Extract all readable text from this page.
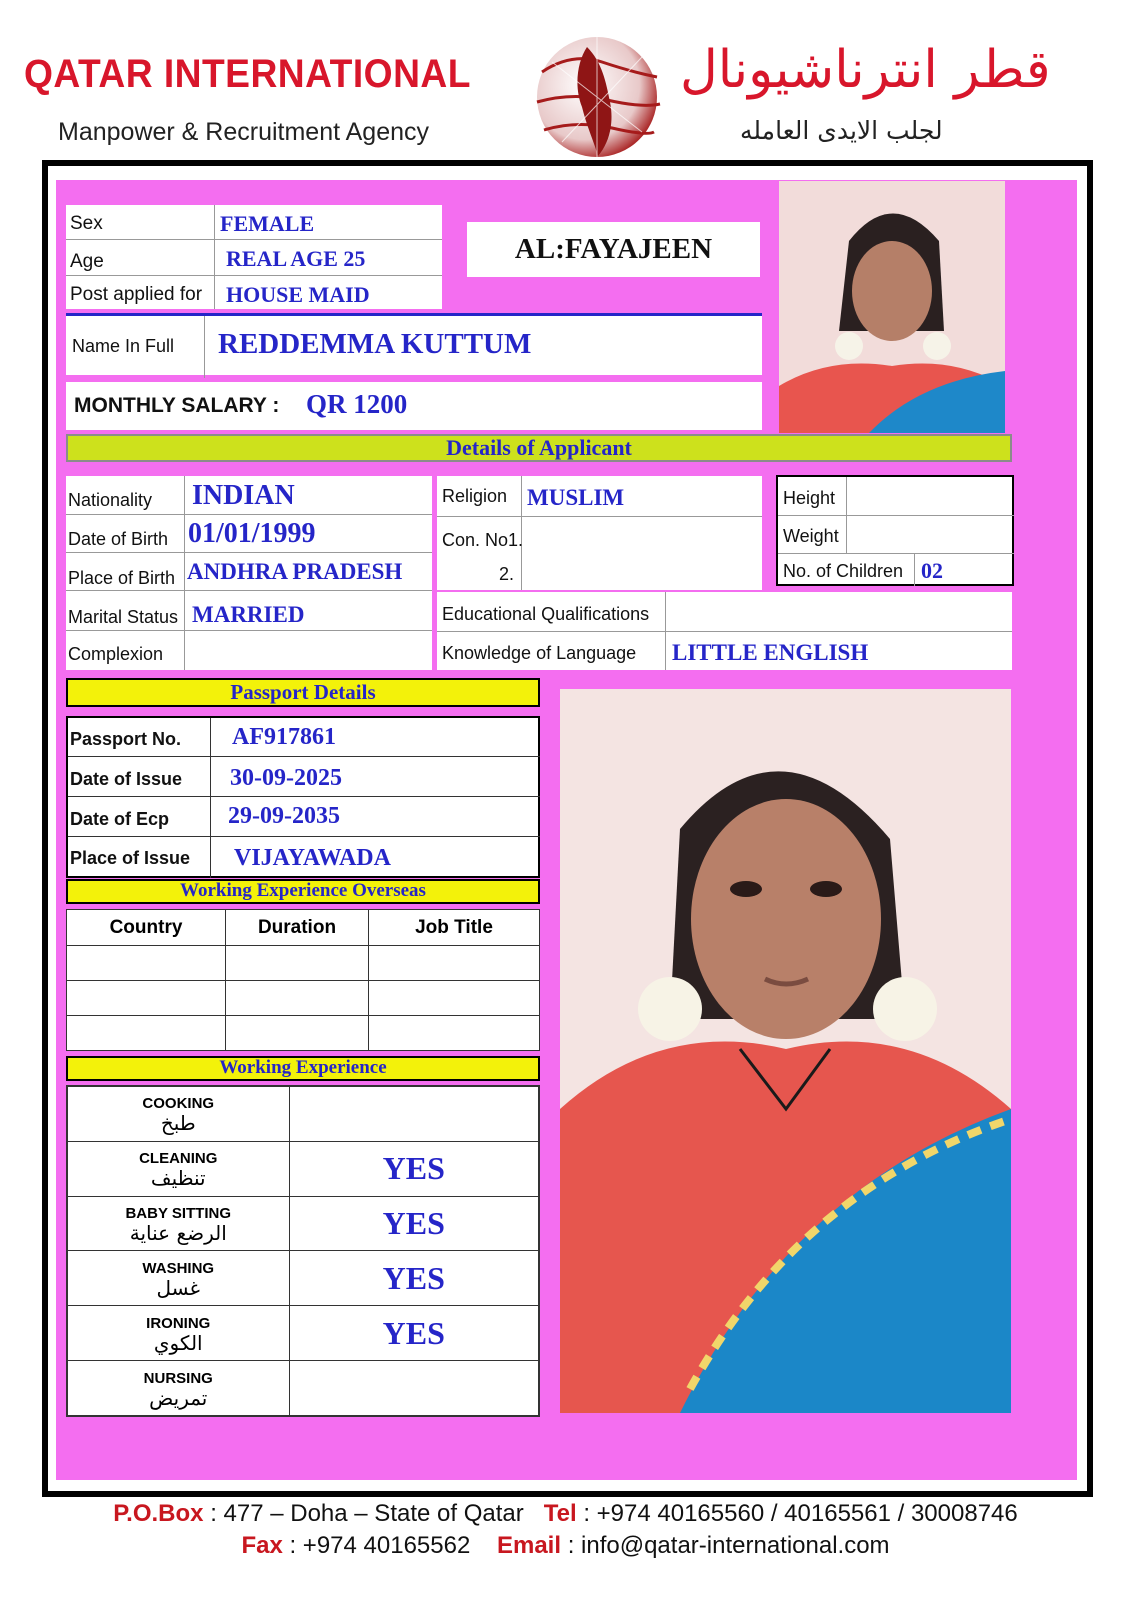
QATAR INTERNATIONAL
Manpower & Recruitment Agency
قطر انترناشيونال
لجلب الايدى العامله
Sex	FEMALE
Age	REAL AGE 25
Post applied for HOUSE MAID
AL:FAYAJEEN
Name In Full REDDEMMA KUTTUM
MONTHLY SALARY : QR 1200
Details of Applicant
Nationality INDIAN
Date of Birth 01/01/1999
Place of Birth ANDHRA PRADESH
Marital Status MARRIED
Complexion
Religion MUSLIM
Con. No1.
2.
Height
Weight
No. of Children 02
Educational Qualifications
Knowledge of Language LITTLE ENGLISH
Passport Details
Passport No. AF917861
Date of Issue 30-09-2025
Date of Ecp 29-09-2035
Place of Issue VIJAYAWADA
Working Experience Overseas
Country	Duration	Job Title

Working Experience
COOKING
طبخ	

CLEANING
تنظيف	YES

BABY SITTING
الرضع عناية	YES

WASHING
غسل	YES

IRONING
الكوي	YES

NURSING
تمريض	

P.O.Box : 477 – Doha – State of Qatar Tel : +974 40165560 / 40165561 / 30008746
Fax : +974 40165562 Email : info@qatar-international.com
